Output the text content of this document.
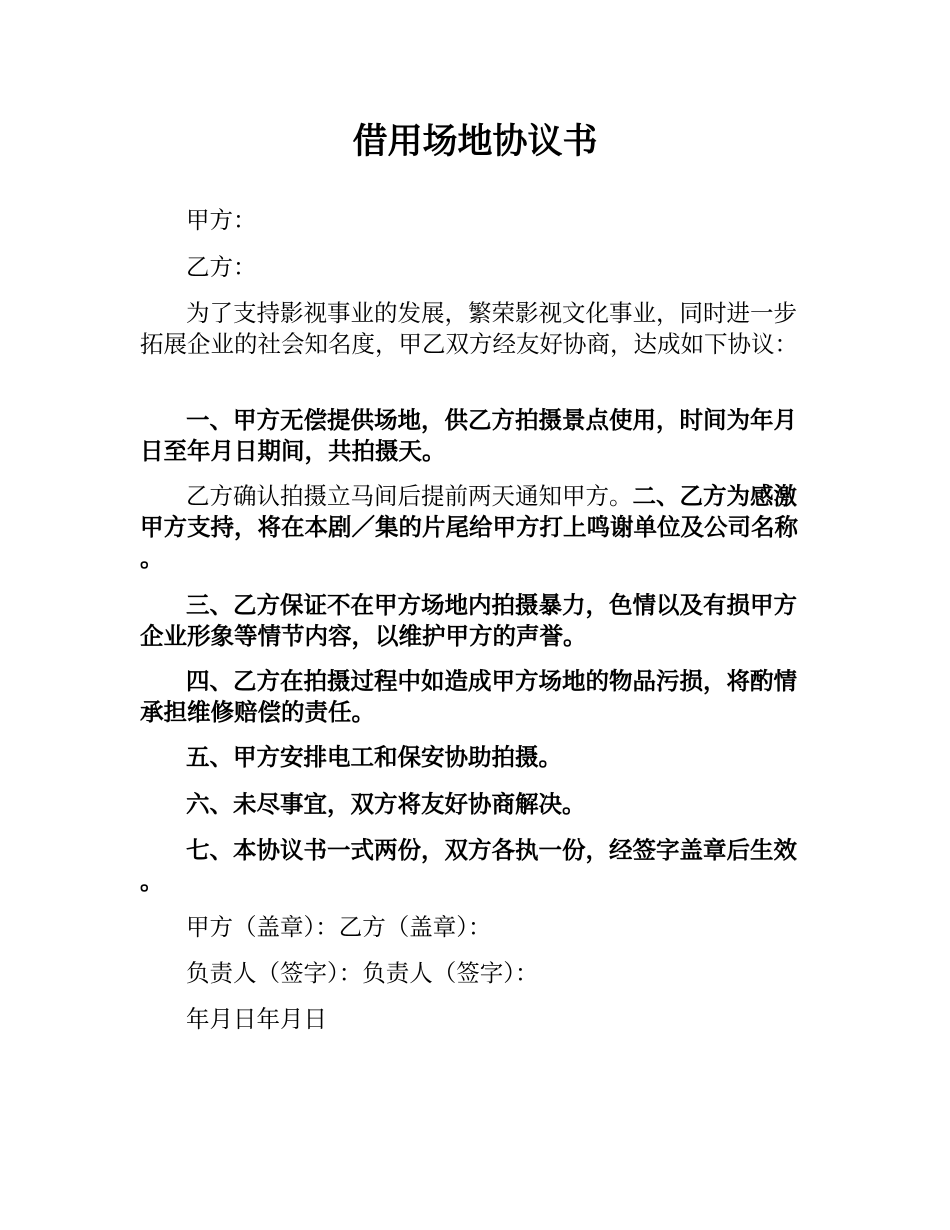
借用场地协议书

甲方：

乙方：

为了支持影视事业的发展，繁荣影视文化事业，同时进一步拓展企业的社会知名度，甲乙双方经友好协商，达成如下协议：

一、甲方无偿提供场地，供乙方拍摄景点使用，时间为年月日至年月日期间，共拍摄天。

乙方确认拍摄立马间后提前两天通知甲方。二、乙方为感激甲方支持，将在本剧／集的片尾给甲方打上鸣谢单位及公司名称。

三、乙方保证不在甲方场地内拍摄暴力，色情以及有损甲方企业形象等情节内容，以维护甲方的声誉。

四、乙方在拍摄过程中如造成甲方场地的物品污损，将酌情承担维修赔偿的责任。

五、甲方安排电工和保安协助拍摄。

六、未尽事宜，双方将友好协商解决。

七、本协议书一式两份，双方各执一份，经签字盖章后生效。

甲方（盖章）：乙方（盖章）：

负责人（签字）：负责人（签字）：

年月日年月日
